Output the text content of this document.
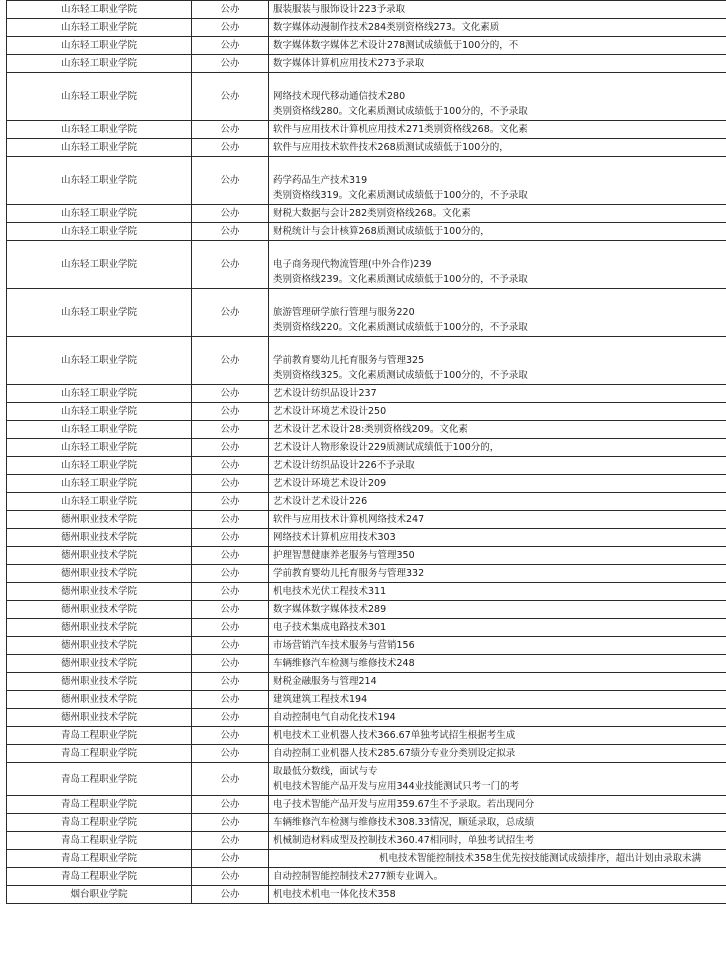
山东轻工职业学院	公办	服装服装与服饰设计223予录取

山东轻工职业学院	公办	数字媒体动漫制作技术284类别资格线273。文化素质

山东轻工职业学院	公办	数字媒体数字媒体艺术设计278测试成绩低于100分的，不

山东轻工职业学院	公办	数字媒体计算机应用技术273予录取

山东轻工职业学院	公办	网络技术现代移动通信技术280
类别资格线280。文化素质测试成绩低于100分的，不予录取

山东轻工职业学院	公办	软件与应用技术计算机应用技术271类别资格线268。文化素

山东轻工职业学院	公办	软件与应用技术软件技术268质测试成绩低于100分的，

山东轻工职业学院	公办	药学药品生产技术319
类别资格线319。文化素质测试成绩低于100分的，不予录取

山东轻工职业学院	公办	财税大数据与会计282类别资格线268。文化素

山东轻工职业学院	公办	财税统计与会计核算268质测试成绩低于100分的，

山东轻工职业学院	公办	电子商务现代物流管理(中外合作)239
类别资格线239。文化素质测试成绩低于100分的，不予录取

山东轻工职业学院	公办	旅游管理研学旅行管理与服务220
类别资格线220。文化素质测试成绩低于100分的，不予录取

山东轻工职业学院	公办	学前教育婴幼儿托育服务与管理325
类别资格线325。文化素质测试成绩低于100分的，不予录取

山东轻工职业学院	公办	艺术设计纺织品设计237

山东轻工职业学院	公办	艺术设计环境艺术设计250

山东轻工职业学院	公办	艺术设计艺术设计28:类别资格线209。文化素

山东轻工职业学院	公办	艺术设计人物形象设计229质测试成绩低于100分的，

山东轻工职业学院	公办	艺术设计纺织品设计226不予录取

山东轻工职业学院	公办	艺术设计环境艺术设计209

山东轻工职业学院	公办	艺术设计艺术设计226

德州职业技术学院	公办	软件与应用技术计算机网络技术247

德州职业技术学院	公办	网络技术计算机应用技术303

德州职业技术学院	公办	护理智慧健康养老服务与管理350

德州职业技术学院	公办	学前教育婴幼儿托育服务与管理332

德州职业技术学院	公办	机电技术光伏工程技术311

德州职业技术学院	公办	数字媒体数字媒体技术289

德州职业技术学院	公办	电子技术集成电路技术301

德州职业技术学院	公办	市场营销汽车技术服务与营销156

德州职业技术学院	公办	车辆维修汽车检测与维修技术248

德州职业技术学院	公办	财税金融服务与管理214

德州职业技术学院	公办	建筑建筑工程技术194

德州职业技术学院	公办	自动控制电气自动化技术194

青岛工程职业学院	公办	机电技术工业机器人技术366.67单独考试招生根据考生成

青岛工程职业学院	公办	自动控制工业机器人技术285.67绩分专业分类别设定拟录

青岛工程职业学院	公办	取最低分数线，面试与专
机电技术智能产品开发与应用344业技能测试只考一门的考

青岛工程职业学院	公办	电子技术智能产品开发与应用359.67生不予录取。若出现同分

青岛工程职业学院	公办	车辆维修汽车检测与维修技术308.33情况，顺延录取，总成绩

青岛工程职业学院	公办	机械制造材料成型及控制技术360.47相同时，单独考试招生考

青岛工程职业学院	公办	机电技术智能控制技术358生优先按技能测试成绩排序，超出计划由录取未满

青岛工程职业学院	公办	自动控制智能控制技术277额专业调入。

烟台职业学院	公办	机电技术机电一体化技术358
